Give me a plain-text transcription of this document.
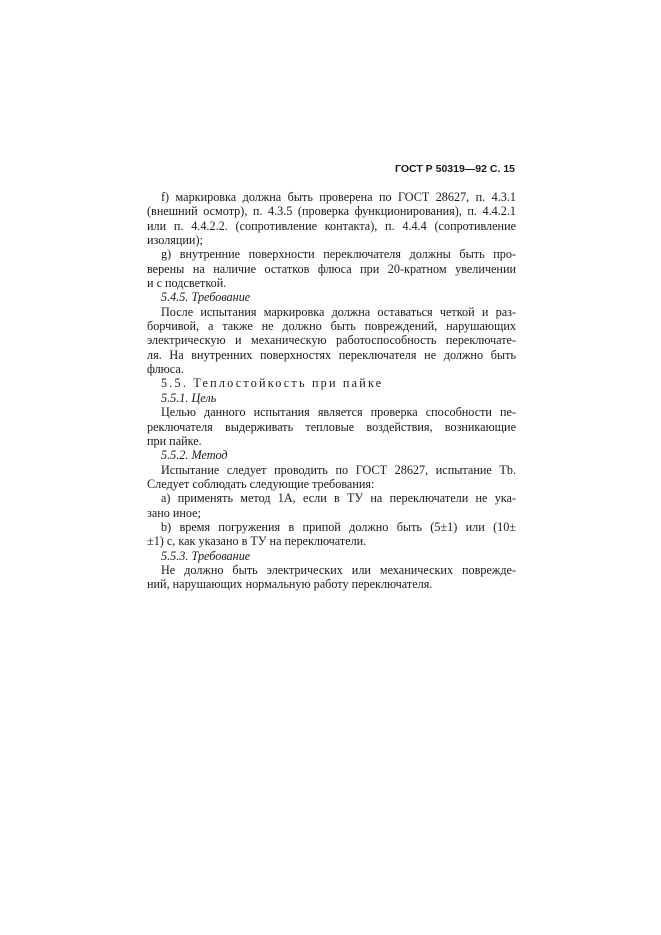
ГОСТ Р 50319—92 С. 15
f) маркировка должна быть проверена по ГОСТ 28627, п. 4.3.1
(внешний осмотр), п. 4.3.5 (проверка функционирования), п. 4.4.2.1
или п. 4.4.2.2. (сопротивление контакта), п. 4.4.4 (сопротивление
изоляции);
g) внутренние поверхности переключателя должны быть про-
верены на наличие остатков флюса при 20-кратном увеличении
и с подсветкой.
5.4.5. Требование
После испытания маркировка должна оставаться четкой и раз-
борчивой, а также не должно быть повреждений, нарушающих
электрическую и механическую работоспособность переключате-
ля. На внутренних поверхностях переключателя не должно быть
флюса.
5.5. Теплостойкость при пайке
5.5.1. Цель
Целью данного испытания является проверка способности пе-
реключателя выдерживать тепловые воздействия, возникающие
при пайке.
5.5.2. Метод
Испытание следует проводить по ГОСТ 28627, испытание Tb.
Следует соблюдать следующие требования:
a) применять метод 1А, если в ТУ на переключатели не ука-
зано иное;
b) время погружения в припой должно быть (5±1) или (10±
±1) с, как указано в ТУ на переключатели.
5.5.3. Требование
Не должно быть электрических или механических поврежде-
ний, нарушающих нормальную работу переключателя.
